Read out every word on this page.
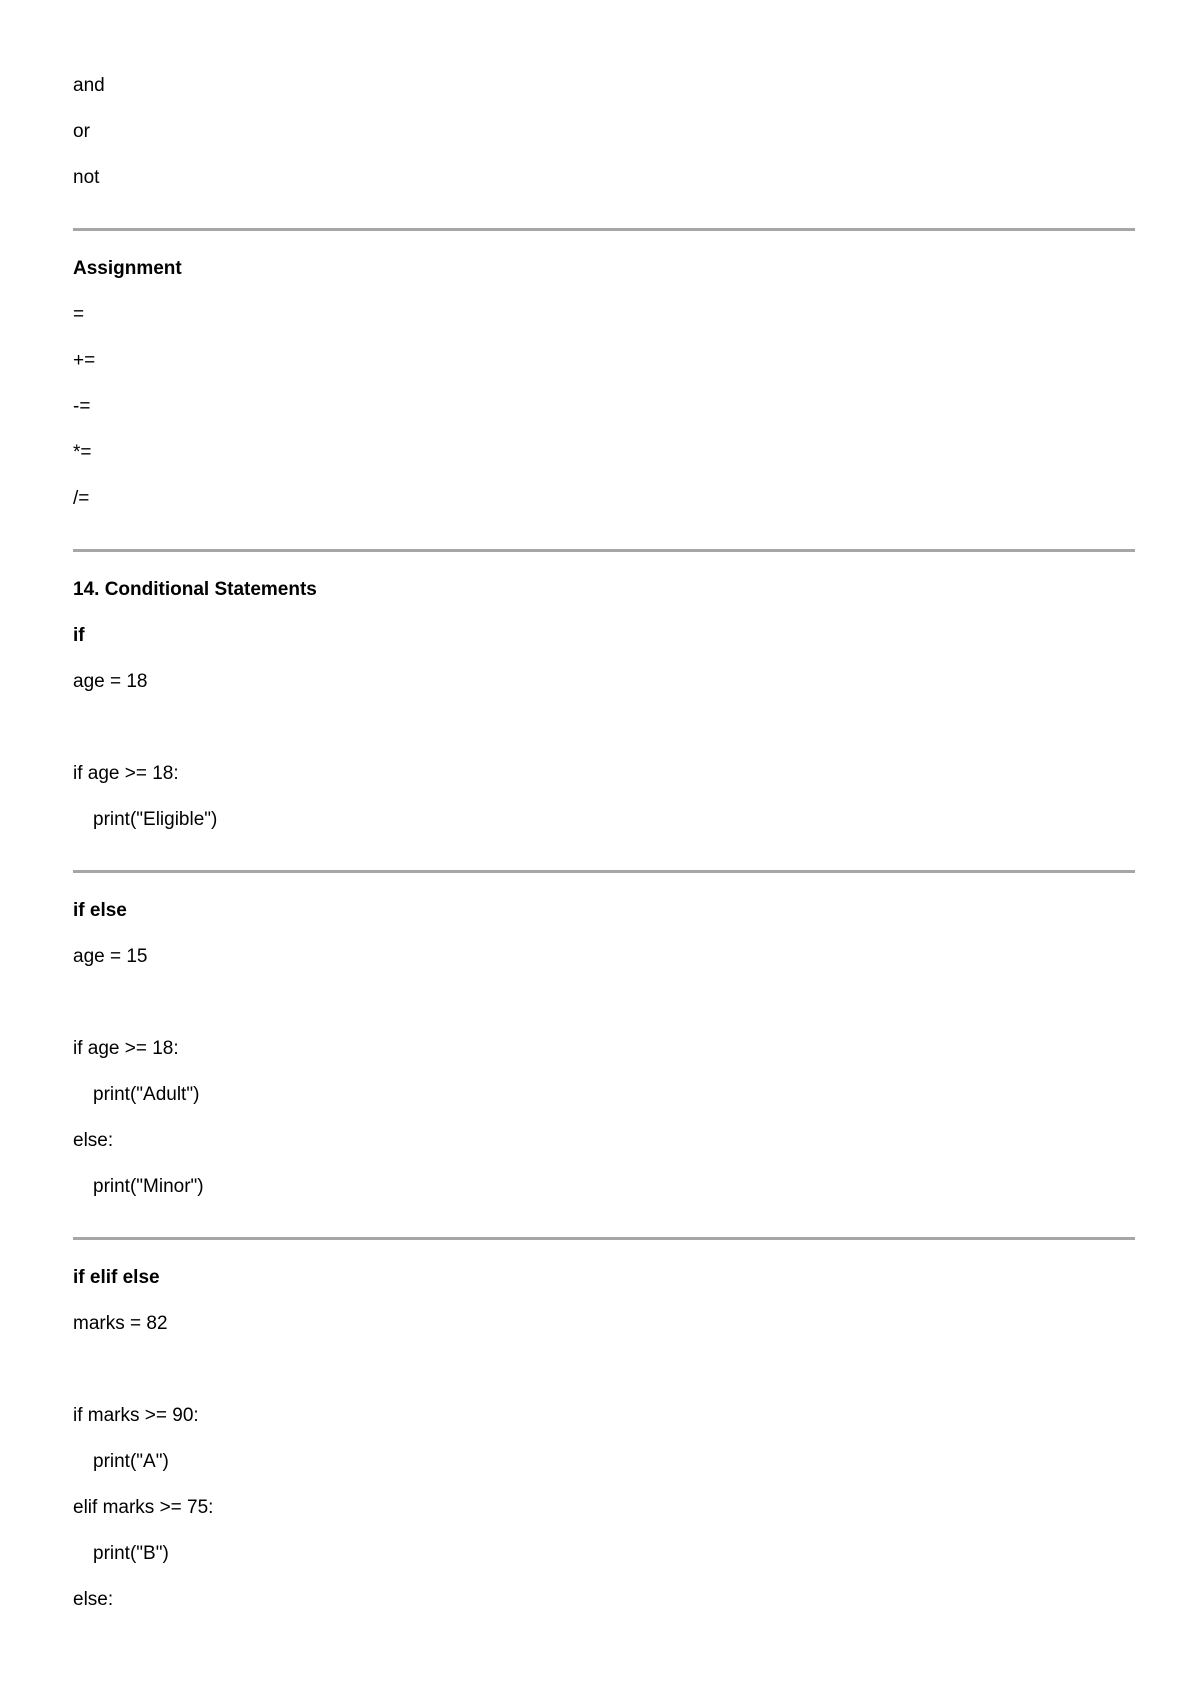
and
or
not
Assignment
=
+=
-=
*=
/=
14. Conditional Statements
if
age = 18
if age >= 18:
print("Eligible")
if else
age = 15
if age >= 18:
print("Adult")
else:
print("Minor")
if elif else
marks = 82
if marks >= 90:
print("A")
elif marks >= 75:
print("B")
else:
